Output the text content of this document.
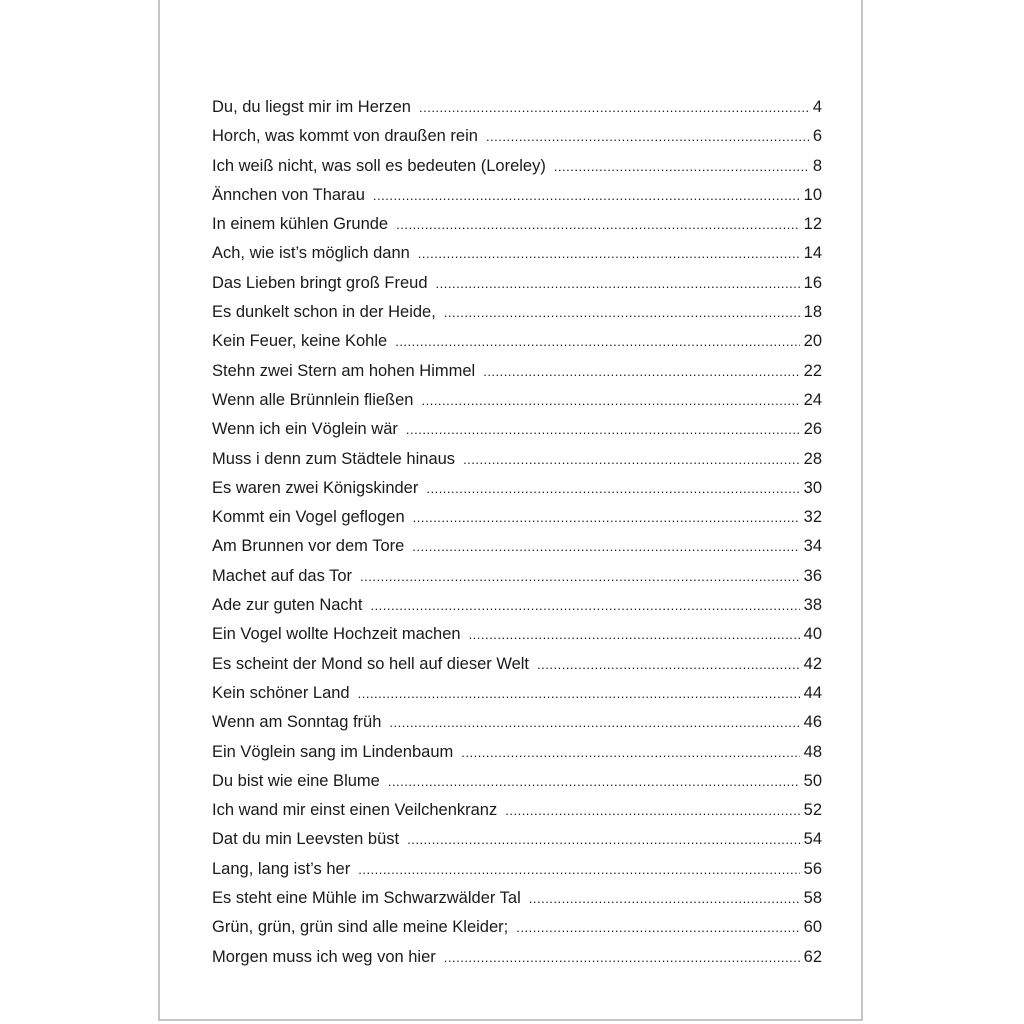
Du, du liegst mir im Herzen .....	4
Horch, was kommt von draußen rein .....	6
Ich weiß nicht, was soll es bedeuten (Loreley) .....	8
Ännchen von Tharau .....	10
In einem kühlen Grunde .....	12
Ach, wie ist’s möglich dann .....	14
Das Lieben bringt groß Freud .....	16
Es dunkelt schon in der Heide, .....	18
Kein Feuer, keine Kohle .....	20
Stehn zwei Stern am hohen Himmel .....	22
Wenn alle Brünnlein fließen .....	24
Wenn ich ein Vöglein wär .....	26
Muss i denn zum Städtele hinaus .....	28
Es waren zwei Königskinder .....	30
Kommt ein Vogel geflogen .....	32
Am Brunnen vor dem Tore .....	34
Machet auf das Tor .....	36
Ade zur guten Nacht .....	38
Ein Vogel wollte Hochzeit machen .....	40
Es scheint der Mond so hell auf dieser Welt .....	42
Kein schöner Land .....	44
Wenn am Sonntag früh .....	46
Ein Vöglein sang im Lindenbaum .....	48
Du bist wie eine Blume .....	50
Ich wand mir einst einen Veilchenkranz .....	52
Dat du min Leevsten büst .....	54
Lang, lang ist’s her .....	56
Es steht eine Mühle im Schwarzwälder Tal .....	58
Grün, grün, grün sind alle meine Kleider; .....	60
Morgen muss ich weg von hier .....	62
